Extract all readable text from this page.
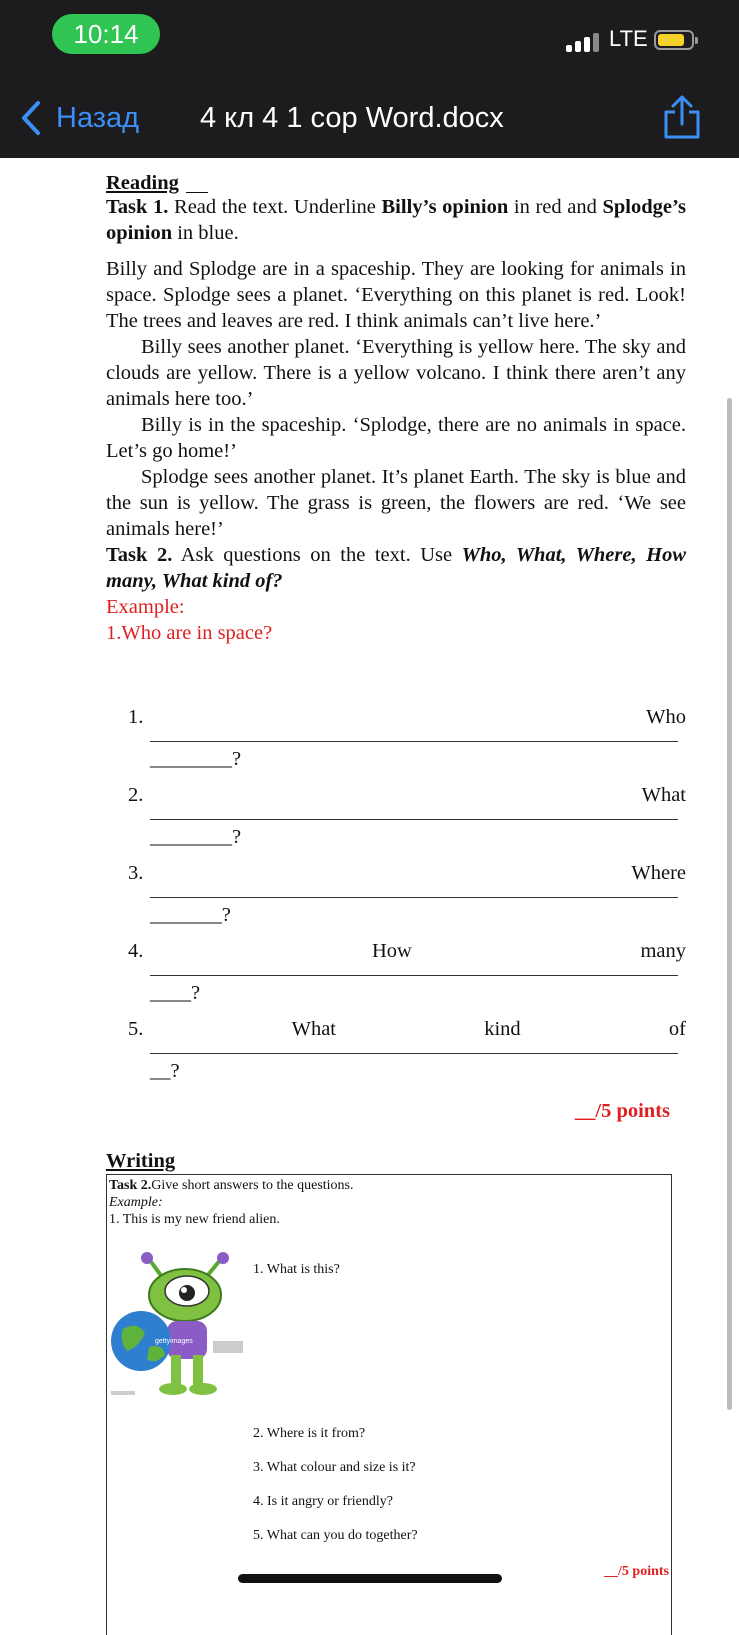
10:14	LTE
Назад 4 кл 4 1 сор Word.docx
Reading

Task 1. Read the text. Underline Billy’s opinion in red and Splodge’s opinion in blue.

Billy and Splodge are in a spaceship. They are looking for animals in space. Splodge sees a planet. ‘Everything on this planet is red. Look! The trees and leaves are red. I think animals can’t live here.’

Billy sees another planet. ‘Everything is yellow here. The sky and clouds are yellow. There is a yellow volcano. I think there aren’t any animals here too.’

Billy is in the spaceship. ‘Splodge, there are no animals in space. Let’s go home!’

Splodge sees another planet. It’s planet Earth. The sky is blue and the sun is yellow. The grass is green, the flowers are red. ‘We see animals here!’

Task 2. Ask questions on the text. Use Who, What, Where, How many, What kind of?

Example:

1.Who are in space?

1.	Who
________?
2.	What
________?
3.	Where
_______?
4.	How	many
____?
5.	What	kind	of
__?
__/5 points
Writing
Task 2.Give short answers to the questions.
Example:
1. This is my new friend alien.
gettyimages
1. What is this?
2. Where is it from?
3. What colour and size is it?
4. Is it angry or friendly?
5. What can you do together?
__/5 points
